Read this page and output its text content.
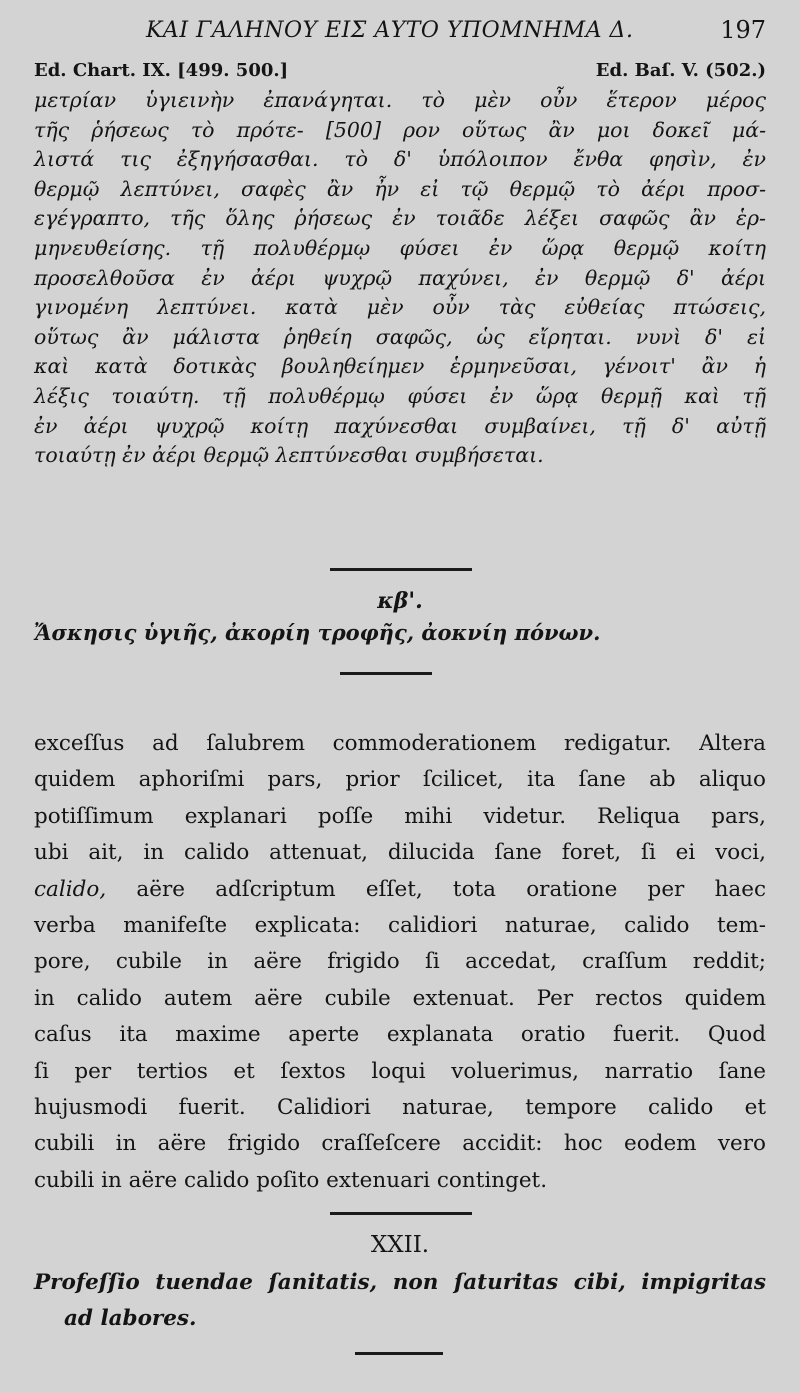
ΚΑΙ ΓΑΛΗΝΟΥ ΕΙΣ ΑΥΤΟ ΥΠΟΜΝΗΜΑ Δ.	197
Ed. Chart. IX. [499. 500.]	Ed. Baſ. V. (502.)
μετρίαν ὑγιεινὴν ἐπανάγηται. τὸ μὲν οὖν ἕτερον μέρος
τῆς ῥήσεως τὸ πρότε- [500] ρον οὕτως ἂν μοι δοκεῖ μά-
λιστά τις ἐξηγήσασθαι. τὸ δ' ὑπόλοιπον ἔνθα φησὶν, ἐν
θερμῷ λεπτύνει, σαφὲς ἂν ἦν εἰ τῷ θερμῷ τὸ ἀέρι προσ-
εγέγραπτο, τῆς ὅλης ῥήσεως ἐν τοιᾶδε λέξει σαφῶς ἂν ἑρ-
μηνευθείσης. τῇ πολυθέρμῳ φύσει ἐν ὥρᾳ θερμῷ κοίτη
προσελθοῦσα ἐν ἀέρι ψυχρῷ παχύνει, ἐν θερμῷ δ' ἀέρι
γινομένη λεπτύνει. κατὰ μὲν οὖν τὰς εὐθείας πτώσεις,
οὕτως ἂν μάλιστα ῥηθείη σαφῶς, ὡς εἴρηται. νυνὶ δ' εἰ
καὶ κατὰ δοτικὰς βουληθείημεν ἑρμηνεῦσαι, γένοιτ' ἂν ἡ
λέξις τοιαύτη. τῇ πολυθέρμῳ φύσει ἐν ὥρᾳ θερμῇ καὶ τῇ
ἐν ἀέρι ψυχρῷ κοίτῃ παχύνεσθαι συμβαίνει, τῇ δ' αὐτῇ
τοιαύτῃ ἐν ἀέρι θερμῷ λεπτύνεσθαι συμβήσεται.
κβ'.
Ἄσκησις ὑγιῆς, ἀκορίη τροφῆς, ἀοκνίη πόνων.
exceſſus ad ſalubrem commoderationem redigatur. Altera
quidem aphoriſmi pars, prior ſcilicet, ita ſane ab aliquo
potiſſimum explanari poſſe mihi videtur. Reliqua pars,
ubi ait, in calido attenuat, dilucida ſane foret, ſi ei voci,
calido, aëre adſcriptum eſſet, tota oratione per haec
verba manifeſte explicata: calidiori naturae, calido tem-
pore, cubile in aëre frigido ſi accedat, craſſum reddit;
in calido autem aëre cubile extenuat. Per rectos quidem
caſus ita maxime aperte explanata oratio fuerit. Quod
ſi per tertios et ſextos loqui voluerimus, narratio ſane
hujusmodi fuerit. Calidiori naturae, tempore calido et
cubili in aëre frigido craſſeſcere accidit: hoc eodem vero
cubili in aëre calido poſito extenuari continget.
XXII.
Profeſſio tuendae ſanitatis, non ſaturitas cibi, impigritas
ad labores.
